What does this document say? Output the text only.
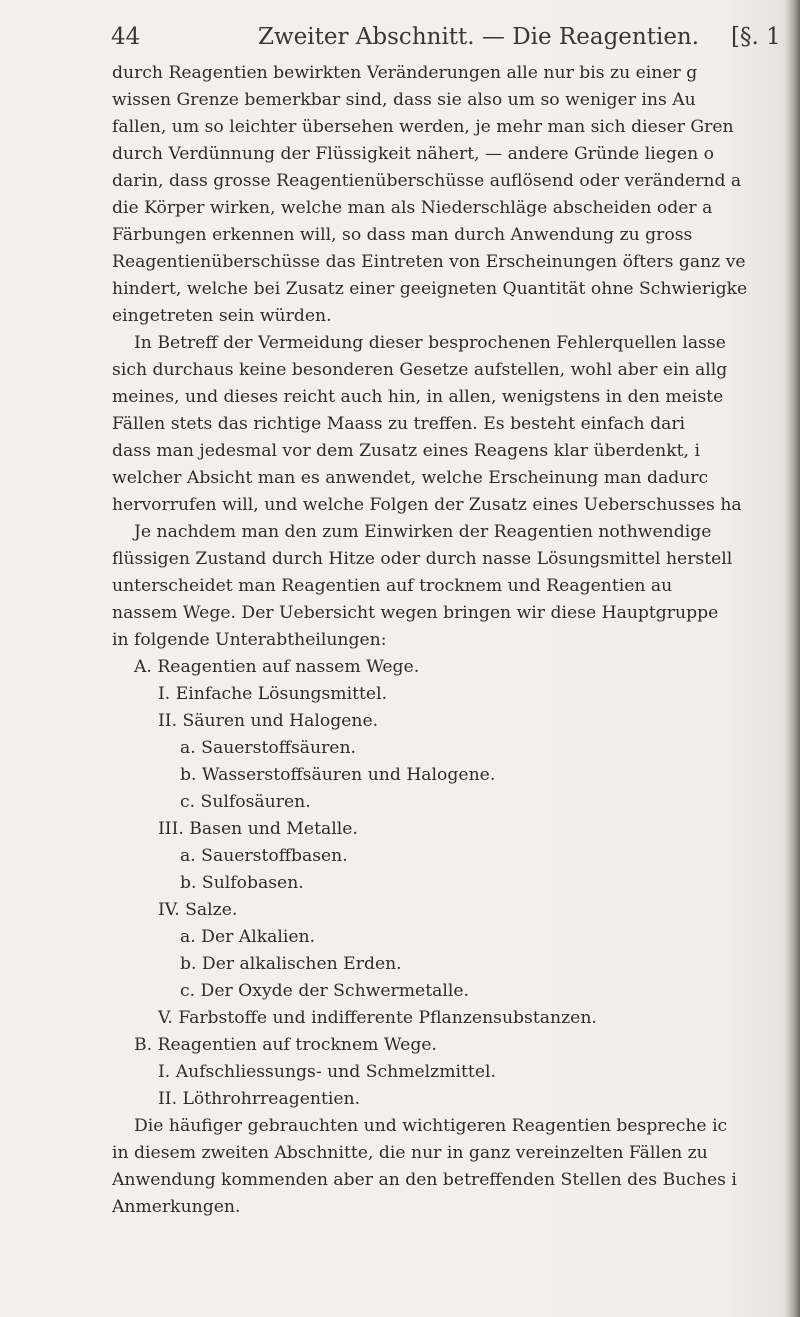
44	Zweiter Abschnitt. — Die Reagentien. [§. 1
durch Reagentien bewirkten Veränderungen alle nur bis zu einer g
wissen Grenze bemerkbar sind, dass sie also um so weniger ins Au
fallen, um so leichter übersehen werden, je mehr man sich dieser Gren
durch Verdünnung der Flüssigkeit nähert, — andere Gründe liegen o
darin, dass grosse Reagentienüberschüsse auflösend oder verändernd a
die Körper wirken, welche man als Niederschläge abscheiden oder a
Färbungen erkennen will, so dass man durch Anwendung zu gross
Reagentienüberschüsse das Eintreten von Erscheinungen öfters ganz ve
hindert, welche bei Zusatz einer geeigneten Quantität ohne Schwierigke
eingetreten sein würden.
In Betreff der Vermeidung dieser besprochenen Fehlerquellen lasse
sich durchaus keine besonderen Gesetze aufstellen, wohl aber ein allg
meines, und dieses reicht auch hin, in allen, wenigstens in den meiste
Fällen stets das richtige Maass zu treffen. Es besteht einfach dari
dass man jedesmal vor dem Zusatz eines Reagens klar überdenkt, i
welcher Absicht man es anwendet, welche Erscheinung man dadurc
hervorrufen will, und welche Folgen der Zusatz eines Ueberschusses ha
Je nachdem man den zum Einwirken der Reagentien nothwendige
flüssigen Zustand durch Hitze oder durch nasse Lösungsmittel herstell
unterscheidet man Reagentien auf trocknem und Reagentien au
nassem Wege. Der Uebersicht wegen bringen wir diese Hauptgruppe
in folgende Unterabtheilungen:
A. Reagentien auf nassem Wege.
I. Einfache Lösungsmittel.
II. Säuren und Halogene.
a. Sauerstoffsäuren.
b. Wasserstoffsäuren und Halogene.
c. Sulfosäuren.
III. Basen und Metalle.
a. Sauerstoffbasen.
b. Sulfobasen.
IV. Salze.
a. Der Alkalien.
b. Der alkalischen Erden.
c. Der Oxyde der Schwermetalle.
V. Farbstoffe und indifferente Pflanzensubstanzen.
B. Reagentien auf trocknem Wege.
I. Aufschliessungs- und Schmelzmittel.
II. Löthrohrreagentien.
Die häufiger gebrauchten und wichtigeren Reagentien bespreche ic
in diesem zweiten Abschnitte, die nur in ganz vereinzelten Fällen zu
Anwendung kommenden aber an den betreffenden Stellen des Buches i
Anmerkungen.
